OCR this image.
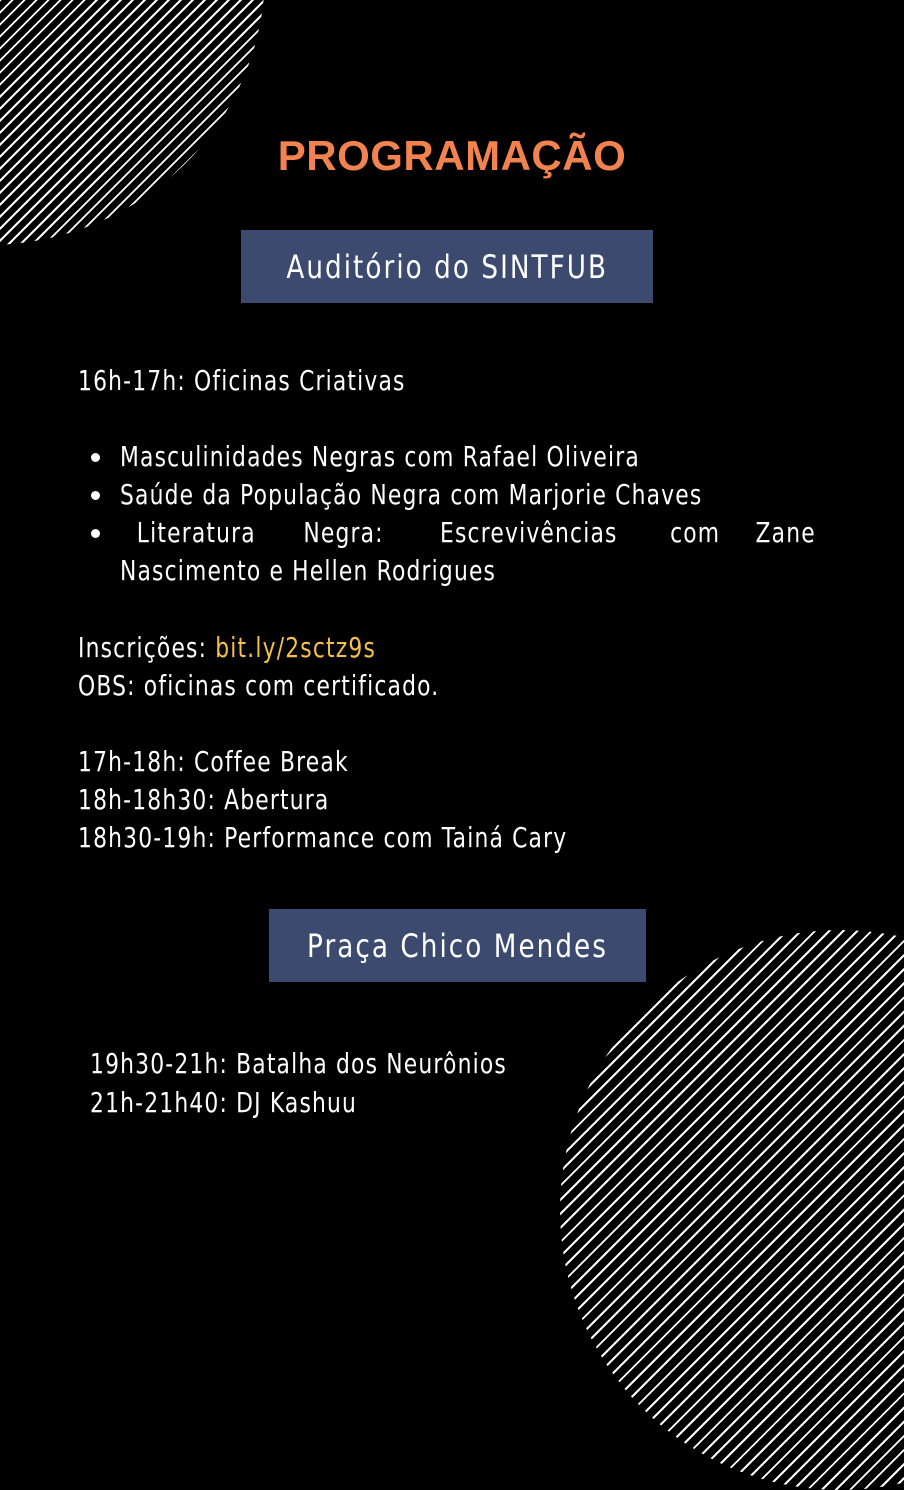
PROGRAMAÇÃO
Auditório do SINTFUB
16h-17h: Oficinas Criativas
Masculinidades Negras com Rafael Oliveira
Saúde da População Negra com Marjorie Chaves
Literatura Negra: Escrevivências com Zane
Nascimento e Hellen Rodrigues
Inscrições: bit.ly/2sctz9s
OBS: oficinas com certificado.
17h-18h: Coffee Break
18h-18h30: Abertura
18h30-19h: Performance com Tainá Cary
Praça Chico Mendes
19h30-21h: Batalha dos Neurônios
21h-21h40: DJ Kashuu
